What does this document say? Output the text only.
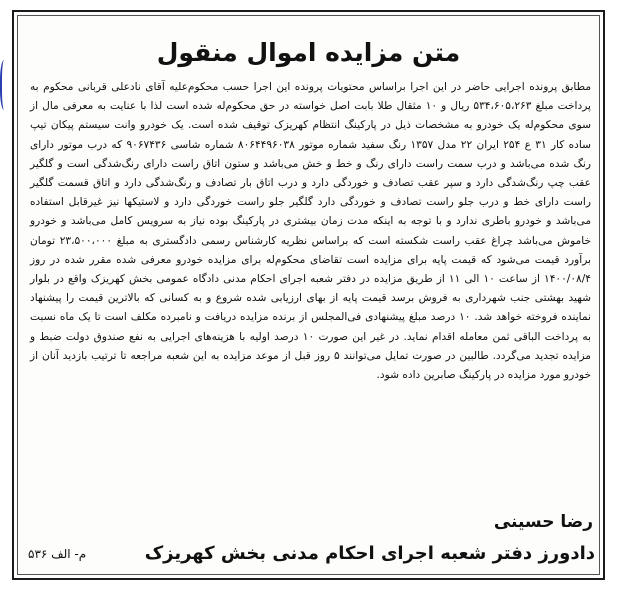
متن مزایده اموال منقول
مطابق پرونده اجرایی حاضر در این اجرا براساس محتویات پرونده این اجرا حسب محکوم‌علیه آقای نادعلی قربانی محکوم به پرداخت مبلغ ۵۳۴،۶۰۵،۲۶۳ ریال و ۱۰ مثقال طلا بابت اصل خواسته در حق محکوم‌له شده است لذا با عنایت به معرفی مال از سوی محکوم‌له یک خودرو به مشخصات ذیل در پارکینگ انتظام کهریزک توقیف شده است. یک خودرو وانت سیستم پیکان تیپ ساده کار ۳۱ ع ۲۵۴ ایران ۲۲ مدل ۱۳۵۷ رنگ سفید شماره موتور ۸۰۶۴۴۹۶۰۳۸ شماره شاسی ۹۰۶۷۴۳۶ که درب موتور دارای رنگ شده می‌باشد و درب سمت راست دارای رنگ و خط و خش می‌باشد و ستون اتاق راست دارای رنگ‌شدگی است و گلگیر عقب چپ رنگ‌شدگی دارد و سپر عقب تصادف و خوردگی دارد و درب اتاق بار تصادف و رنگ‌شدگی دارد و اتاق قسمت گلگیر راست دارای خط و درب جلو راست تصادف و خوردگی دارد گلگیر جلو راست خوردگی دارد و لاستیکها نیز غیرقابل استفاده می‌باشد و خودرو باطری ندارد و با توجه به اینکه مدت زمان بیشتری در پارکینگ بوده نیاز به سرویس کامل می‌باشد و خودرو خاموش می‌باشد چراغ عقب راست شکسته است که براساس نظریه کارشناس رسمی دادگستری به مبلغ ۲۳،۵۰۰،۰۰۰ تومان برآورد قیمت می‌شود که قیمت پایه برای مزایده است تقاضای محکوم‌له برای مزایده خودرو معرفی شده مقرر شده در روز ۱۴۰۰/۰۸/۴ از ساعت ۱۰ الی ۱۱ از طریق مزایده در دفتر شعبه اجرای احکام مدنی دادگاه عمومی بخش کهریزک واقع در بلوار شهید بهشتی جنب شهرداری به فروش برسد قیمت پایه از بهای ارزیابی شده شروع و به کسانی که بالاترین قیمت را پیشنهاد نماینده فروخته خواهد شد. ۱۰ درصد مبلغ پیشنهادی فی‌المجلس از برنده مزایده دریافت و نامبرده مکلف است تا یک ماه نسبت به پرداخت الباقی ثمن معامله اقدام نماید. در غیر این صورت ۱۰ درصد اولیه با هزینه‌های اجرایی به نفع صندوق دولت ضبط و مزایده تجدید می‌گردد. طالبین در صورت تمایل می‌توانند ۵ روز قبل از موعد مزایده به این شعبه مراجعه تا ترتیب بازدید آنان از خودرو مورد مزایده در پارکینگ صابرین داده شود.
رضا حسینی
دادورز دفتر شعبه اجرای احکام مدنی بخش کهریزک
م- الف ۵۳۶
